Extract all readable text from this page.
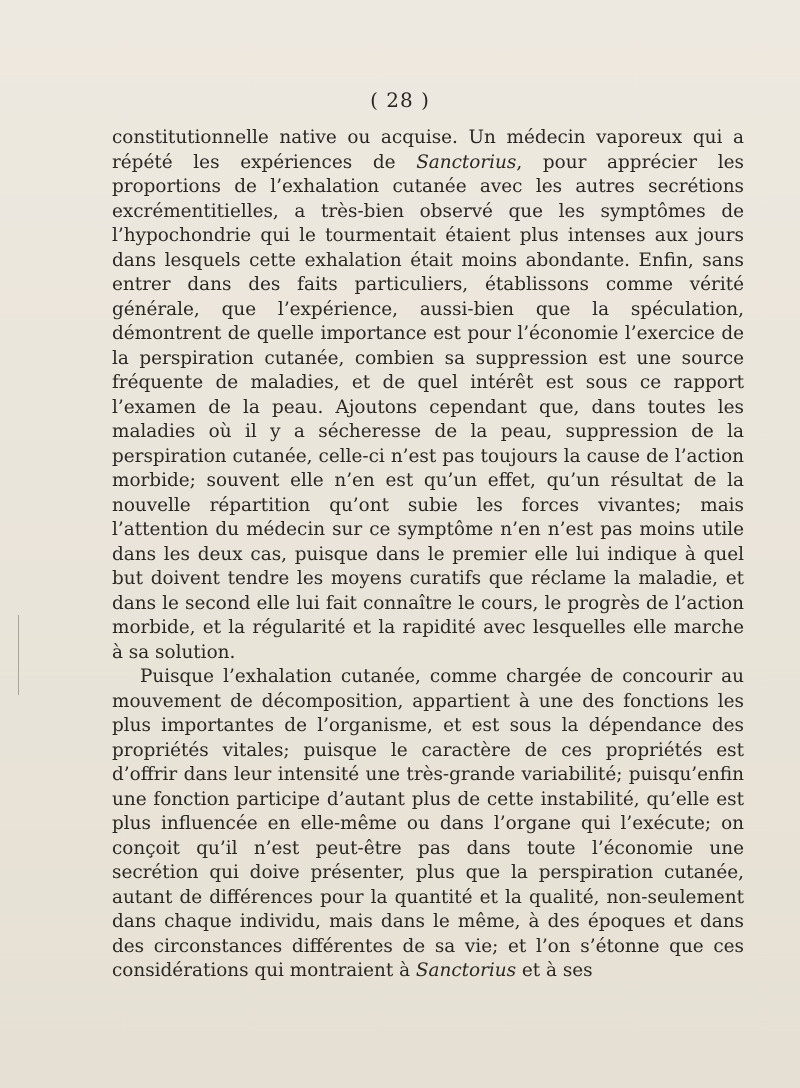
( 28 )

constitutionnelle native ou acquise. Un médecin vaporeux qui a répété les expériences de Sanctorius, pour apprécier les proportions de l’exhalation cutanée avec les autres secrétions excrémentitielles, a très-bien observé que les symptômes de l’hypochondrie qui le tourmentait étaient plus intenses aux jours dans lesquels cette exhalation était moins abondante. Enfin, sans entrer dans des faits particuliers, établissons comme vérité générale, que l’expérience, aussi-bien que la spéculation, démontrent de quelle importance est pour l’économie l’exercice de la perspiration cutanée, combien sa suppression est une source fréquente de maladies, et de quel intérêt est sous ce rapport l’examen de la peau. Ajoutons cependant que, dans toutes les maladies où il y a sécheresse de la peau, suppression de la perspiration cutanée, celle-ci n’est pas toujours la cause de l’action morbide; souvent elle n’en est qu’un effet, qu’un résultat de la nouvelle répartition qu’ont subie les forces vivantes; mais l’attention du médecin sur ce symptôme n’en n’est pas moins utile dans les deux cas, puisque dans le premier elle lui indique à quel but doivent tendre les moyens curatifs que réclame la maladie, et dans le second elle lui fait connaître le cours, le progrès de l’action morbide, et la régularité et la rapidité avec lesquelles elle marche à sa solution.

Puisque l’exhalation cutanée, comme chargée de concourir au mouvement de décomposition, appartient à une des fonctions les plus importantes de l’organisme, et est sous la dépendance des propriétés vitales; puisque le caractère de ces propriétés est d’offrir dans leur intensité une très-grande variabilité; puisqu’enfin une fonction participe d’autant plus de cette instabilité, qu’elle est plus influencée en elle-même ou dans l’organe qui l’exécute; on conçoit qu’il n’est peut-être pas dans toute l’économie une secrétion qui doive présenter, plus que la perspiration cutanée, autant de différences pour la quantité et la qualité, non-seulement dans chaque individu, mais dans le même, à des époques et dans des circonstances différentes de sa vie; et l’on s’étonne que ces considérations qui montraient à Sanctorius et à ses
